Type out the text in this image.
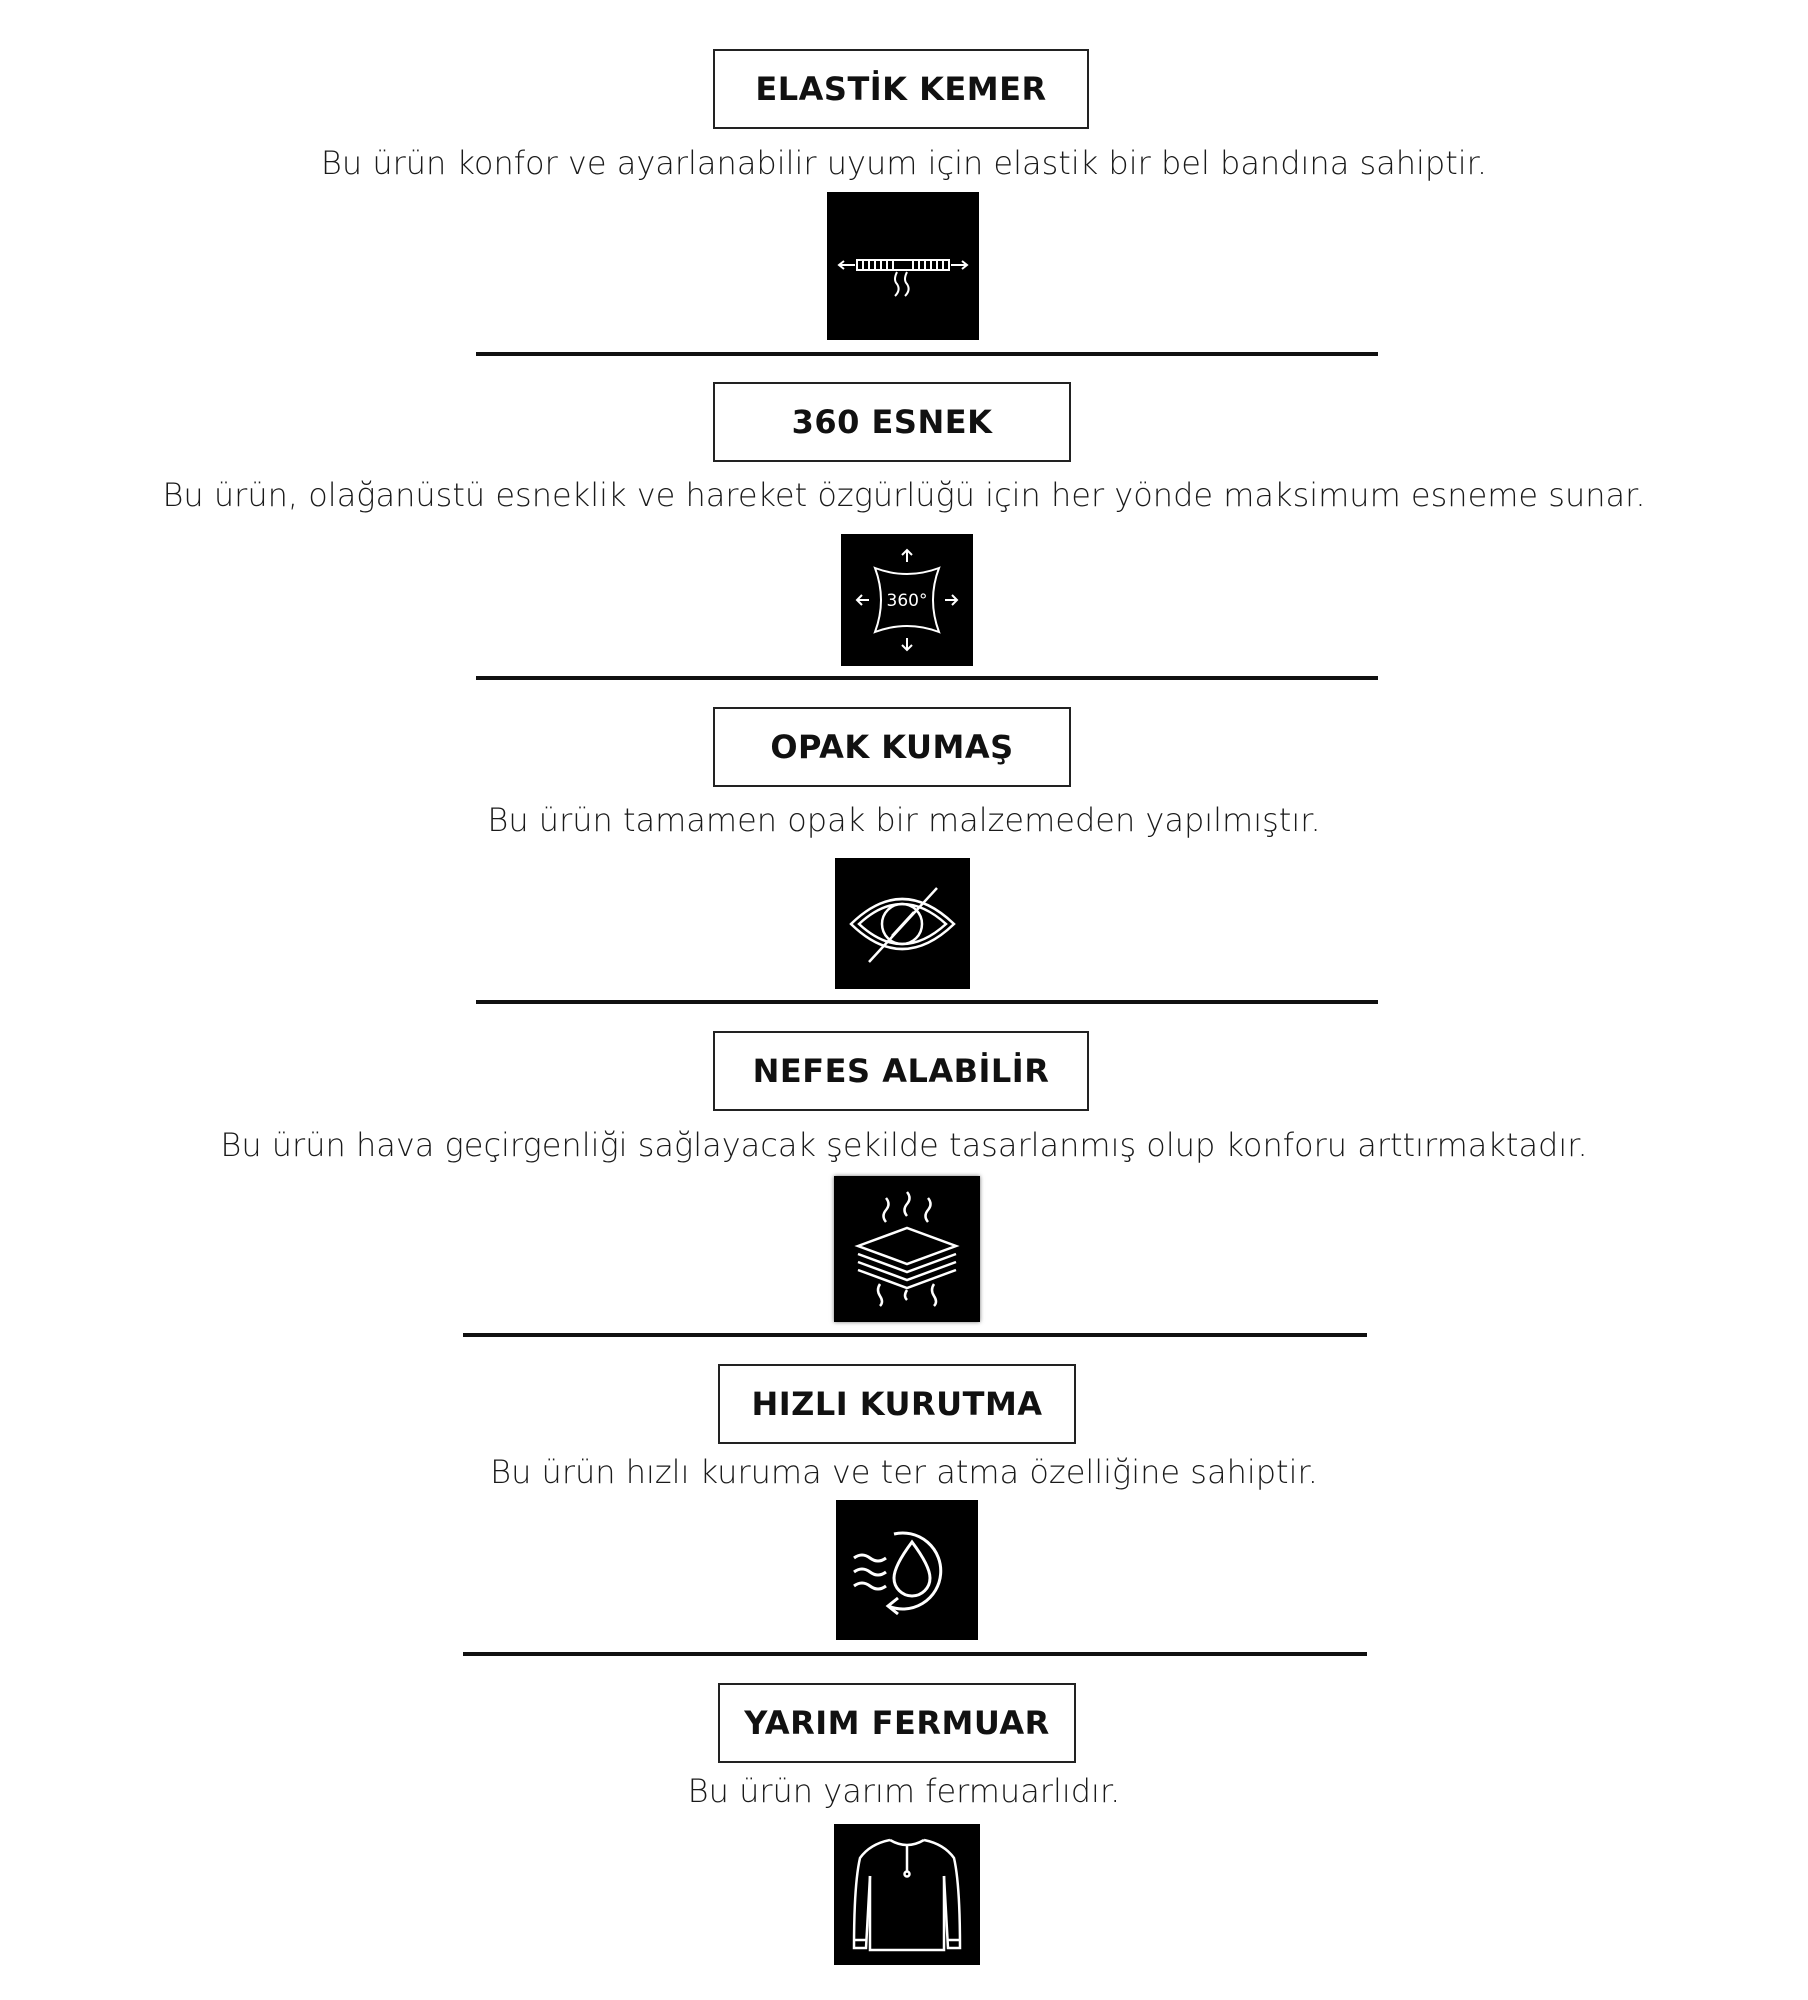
ELASTİK KEMER
Bu ürün konfor ve ayarlanabilir uyum için elastik bir bel bandına sahiptir.
360 ESNEK
Bu ürün, olağanüstü esneklik ve hareket özgürlüğü için her yönde maksimum esneme sunar.
360°
OPAK KUMAŞ
Bu ürün tamamen opak bir malzemeden yapılmıştır.
NEFES ALABİLİR
Bu ürün hava geçirgenliği sağlayacak şekilde tasarlanmış olup konforu arttırmaktadır.
HIZLI KURUTMA
Bu ürün hızlı kuruma ve ter atma özelliğine sahiptir.
YARIM FERMUAR
Bu ürün yarım fermuarlıdır.
